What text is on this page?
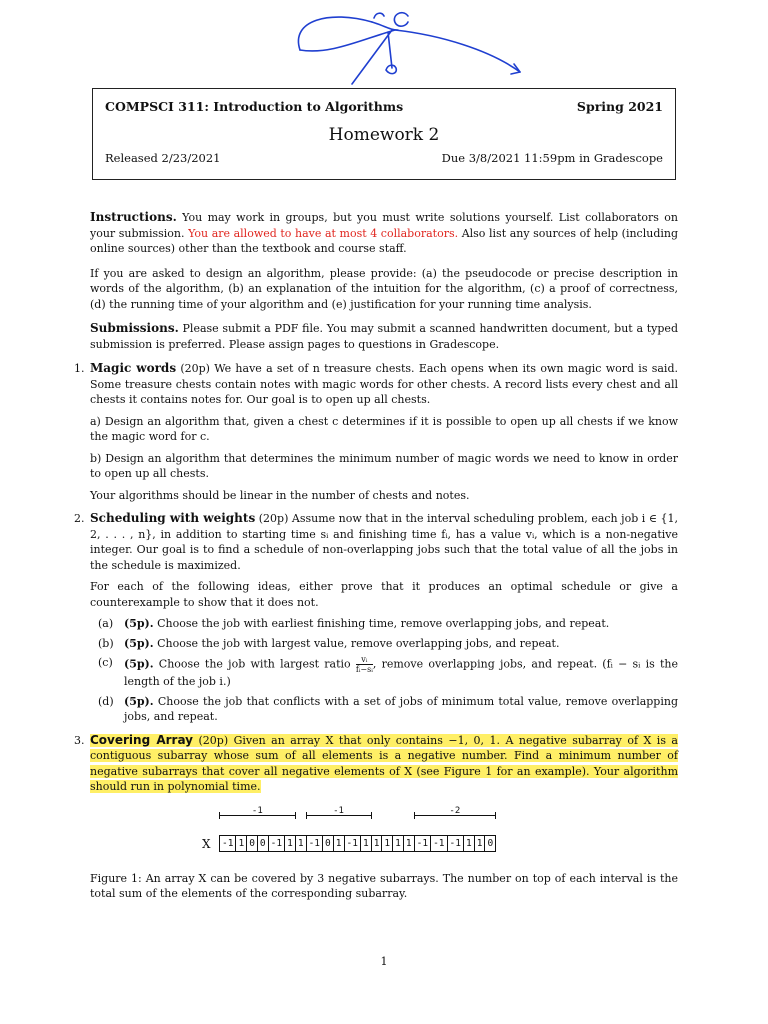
COMPSCI 311: Introduction to Algorithms	Spring 2021
Homework 2
Released 2/23/2021	Due 3/8/2021 11:59pm in Gradescope

Instructions. You may work in groups, but you must write solutions yourself. List collaborators on your submission. You are allowed to have at most 4 collaborators. Also list any sources of help (including online sources) other than the textbook and course staff.

If you are asked to design an algorithm, please provide: (a) the pseudocode or precise description in words of the algorithm, (b) an explanation of the intuition for the algorithm, (c) a proof of correctness, (d) the running time of your algorithm and (e) justification for your running time analysis.

Submissions. Please submit a PDF file. You may submit a scanned handwritten document, but a typed submission is preferred. Please assign pages to questions in Gradescope.

1. Magic words (20p) We have a set of n treasure chests. Each opens when its own magic word is said. Some treasure chests contain notes with magic words for other chests. A record lists every chest and all chests it contains notes for. Our goal is to open up all chests.

a) Design an algorithm that, given a chest c determines if it is possible to open up all chests if we know the magic word for c.

b) Design an algorithm that determines the minimum number of magic words we need to know in order to open up all chests.

Your algorithms should be linear in the number of chests and notes.

2. Scheduling with weights (20p) Assume now that in the interval scheduling problem, each job i ∈ {1, 2, . . . , n}, in addition to starting time sᵢ and finishing time fᵢ, has a value vᵢ, which is a non-negative integer. Our goal is to find a schedule of non-overlapping jobs such that the total value of all the jobs in the schedule is maximized.

For each of the following ideas, either prove that it produces an optimal schedule or give a counterexample to show that it does not.

(a) (5p). Choose the job with earliest finishing time, remove overlapping jobs, and repeat.
(b) (5p). Choose the job with largest value, remove overlapping jobs, and repeat.
(c) (5p). Choose the job with largest ratio $\frac{\text{vᵢ}}{\text{fᵢ−sᵢ}}$ , remove overlapping jobs, and repeat. (fᵢ − sᵢ is the length of the job i.)
(d) (5p). Choose the job that conflicts with a set of jobs of minimum total value, remove overlapping jobs, and repeat.
3. Covering Array (20p) Given an array X that only contains −1, 0, 1. A negative subarray of X is a contiguous subarray whose sum of all elements is a negative number. Find a minimum number of negative subarrays that cover all negative elements of X (see Figure 1 for an example). Your algorithm should run in polynomial time.

X	-1 1 0 0 -1 1 1 -1 0 1 -1 1 1 1 1 1 -1 -1 -1 1 1 0
-1	-1	-2

Figure 1: An array X can be covered by 3 negative subarrays. The number on top of each interval is the total sum of the elements of the corresponding subarray.

1
